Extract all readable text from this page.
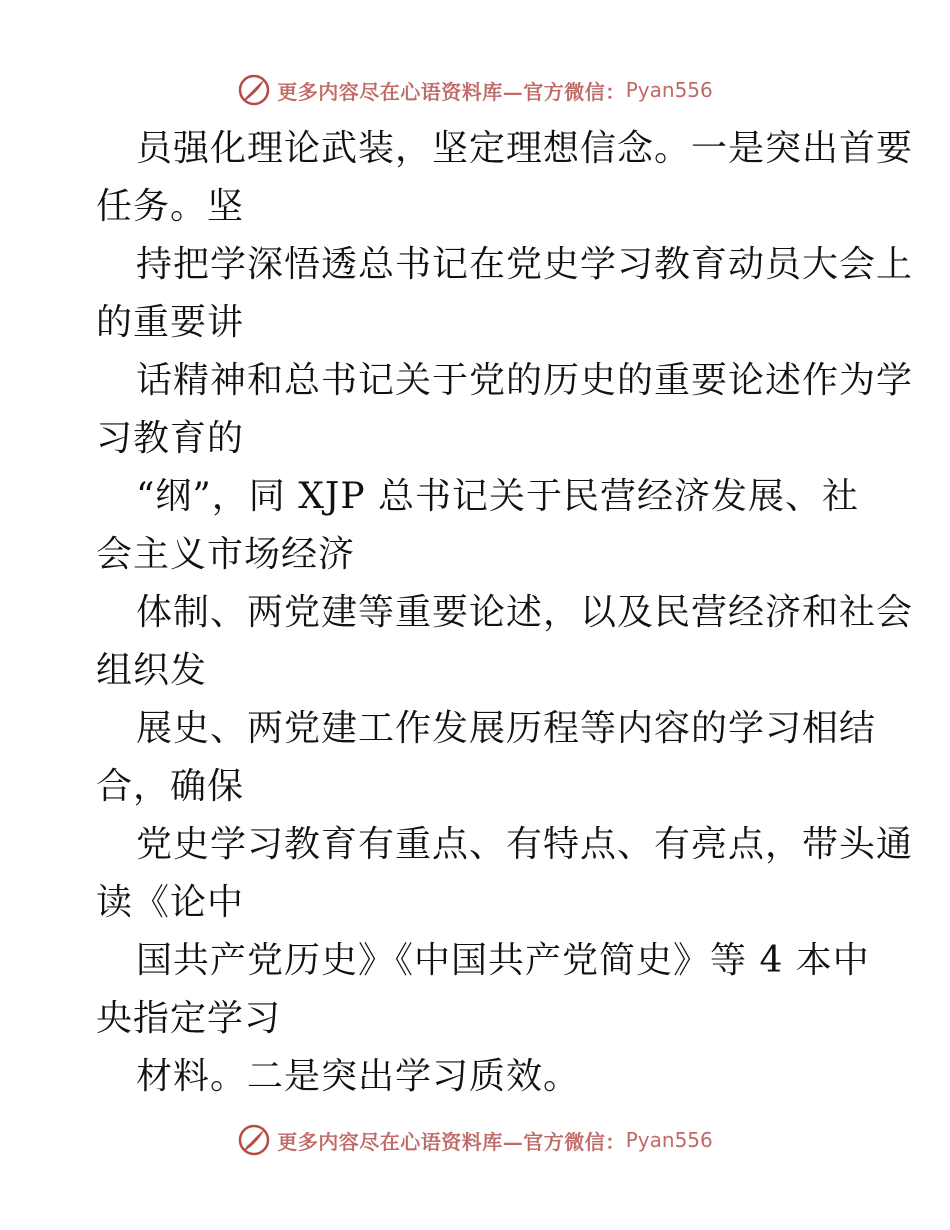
更多内容尽在心语资料库—官方微信： Pyan556
员强化理论武装，坚定理想信念。一是突出首要
任务。坚
持把学深悟透总书记在党史学习教育动员大会上
的重要讲
话精神和总书记关于党的历史的重要论述作为学
习教育的
“纲”，同 XJP 总书记关于民营经济发展、社
会主义市场经济
体制、两党建等重要论述，以及民营经济和社会
组织发
展史、两党建工作发展历程等内容的学习相结
合，确保
党史学习教育有重点、有特点、有亮点，带头通
读《论中
国共产党历史》《中国共产党简史》等 4 本中
央指定学习
材料。二是突出学习质效。
更多内容尽在心语资料库—官方微信： Pyan556
